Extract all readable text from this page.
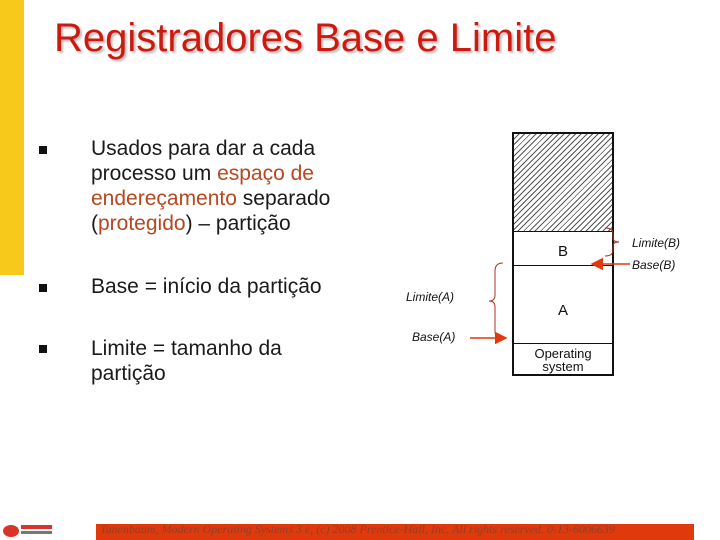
Registradores Base e Limite
Usados para dar a cada processo um espaço de endereçamento separado (protegido) – partição
Base = início da partição
Limite = tamanho da partição
B
A
Operating system
Limite(B)
Base(B)
Limite(A)
Base(A)
Tanenbaum, Modern Operating Systems 3 e, (c) 2008 Prentice-Hall, Inc. All rights reserved. 0-13-6006639
